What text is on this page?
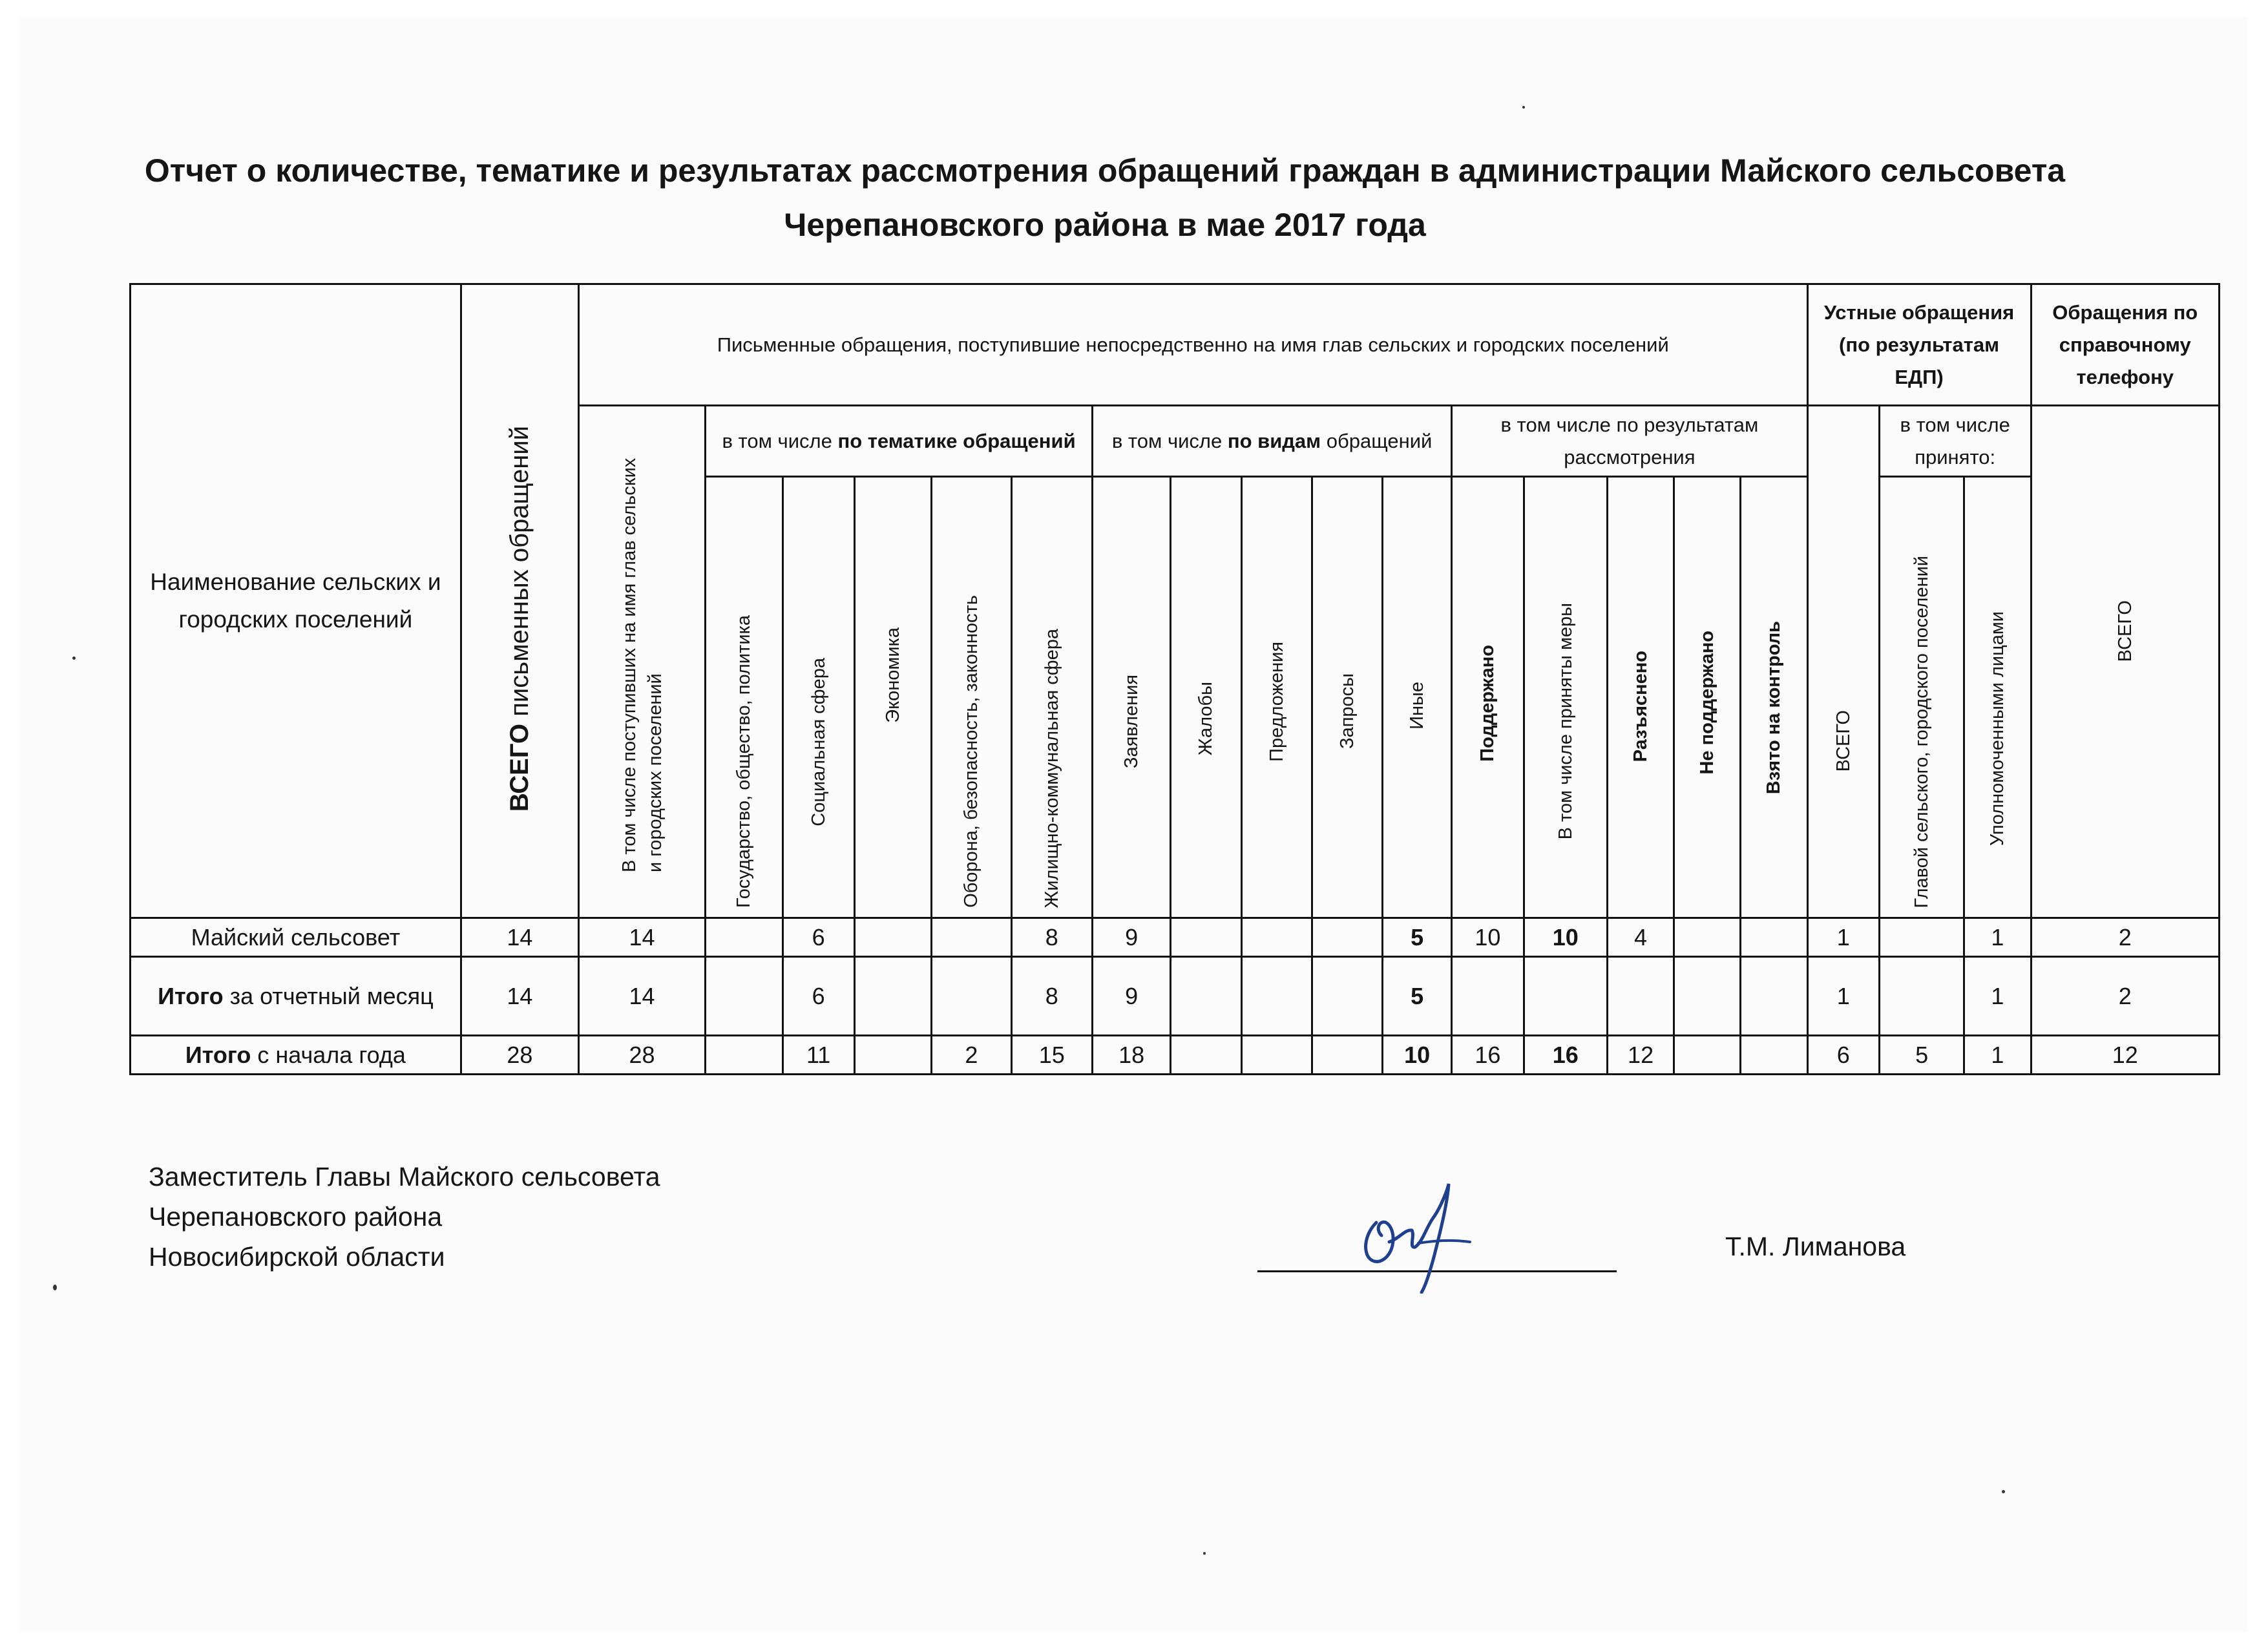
Отчет о количестве, тематике и результатах рассмотрения обращений граждан в администрации Майского сельсовета
Черепановского района в мае 2017 года
Наименование сельских и городских поселений	ВСЕГО письменных обращений	Письменные обращения, поступившие непосредственно на имя глав сельских и городских поселений																Устные обращения (по результатам ЕДП)			Обращения по справочному телефону

		В том числе поступивших на имя глав сельских и городских поселений	в том числе по тематике обращений					в том числе по видам обращений					в том числе по результатам рассмотрения					ВСЕГО	в том числе принято:		ВСЕГО

			Государство, общество, политика	Социальная сфера	Экономика	Оборона, безопасность, законность	Жилищно-коммунальная сфера	Заявления	Жалобы	Предложения	Запросы	Иные	Поддержано	В том числе приняты меры	Разъяснено	Не поддержано	Взято на контроль		Главой сельского, городского поселений	Уполномоченными лицами	

Майский сельсовет	14	14		6			8	9				5	10	10	4			1		1	2
Итого за отчетный месяц	14	14		6			8	9				5						1		1	2
Итого с начала года	28	28		11		2	15	18				10	16	16	12			6	5	1	12
Заместитель Главы Майского сельсовета
Черепановского района
Новосибирской области	Т.М. Лиманова
